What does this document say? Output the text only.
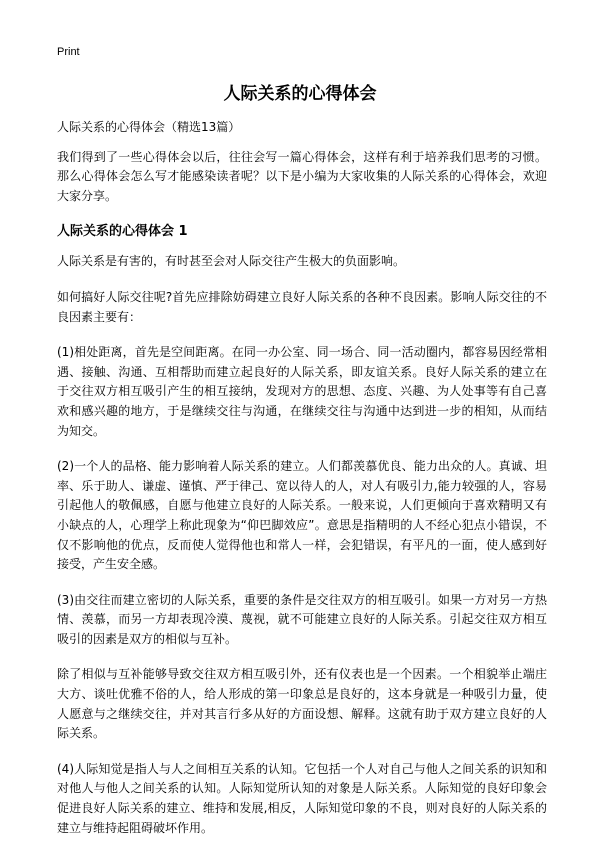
Print
人际关系的心得体会

人际关系的心得体会（精选13篇）

我们得到了一些心得体会以后，往往会写一篇心得体会，这样有利于培养我们思考的习惯。那么心得体会怎么写才能感染读者呢？以下是小编为大家收集的人际关系的心得体会，欢迎大家分享。

人际关系的心得体会 1

人际关系是有害的，有时甚至会对人际交往产生极大的负面影响。

如何搞好人际交往呢?首先应排除妨碍建立良好人际关系的各种不良因素。影响人际交往的不良因素主要有：

(1)相处距离，首先是空间距离。在同一办公室、同一场合、同一活动圈内，都容易因经常相遇、接触、沟通、互相帮助而建立起良好的人际关系，即友谊关系。良好人际关系的建立在于交往双方相互吸引产生的相互接纳，发现对方的思想、态度、兴趣、为人处事等有自己喜欢和感兴趣的地方，于是继续交往与沟通，在继续交往与沟通中达到进一步的相知，从而结为知交。

(2)一个人的品格、能力影响着人际关系的建立。人们都羡慕优良、能力出众的人。真诚、坦率、乐于助人、谦虚、谨慎、严于律己、宽以待人的人，对人有吸引力,能力较强的人，容易引起他人的敬佩感，自愿与他建立良好的人际关系。一般来说，人们更倾向于喜欢精明又有小缺点的人，心理学上称此现象为“仰巴脚效应”。意思是指精明的人不经心犯点小错误，不仅不影响他的优点，反而使人觉得他也和常人一样，会犯错误，有平凡的一面，使人感到好接受，产生安全感。

(3)由交往而建立密切的人际关系，重要的条件是交往双方的相互吸引。如果一方对另一方热情、羡慕，而另一方却表现冷漠、蔑视，就不可能建立良好的人际关系。引起交往双方相互吸引的因素是双方的相似与互补。

除了相似与互补能够导致交往双方相互吸引外，还有仪表也是一个因素。一个相貌举止端庄大方、谈吐优雅不俗的人，给人形成的第一印象总是良好的，这本身就是一种吸引力量，使人愿意与之继续交往，并对其言行多从好的方面设想、解释。这就有助于双方建立良好的人际关系。

(4)人际知觉是指人与人之间相互关系的认知。它包括一个人对自己与他人之间关系的识知和对他人与他人之间关系的认知。人际知觉所认知的对象是人际关系。人际知觉的良好印象会促进良好人际关系的建立、维持和发展,相反，人际知觉印象的不良，则对良好的人际关系的建立与维持起阻碍破坏作用。
